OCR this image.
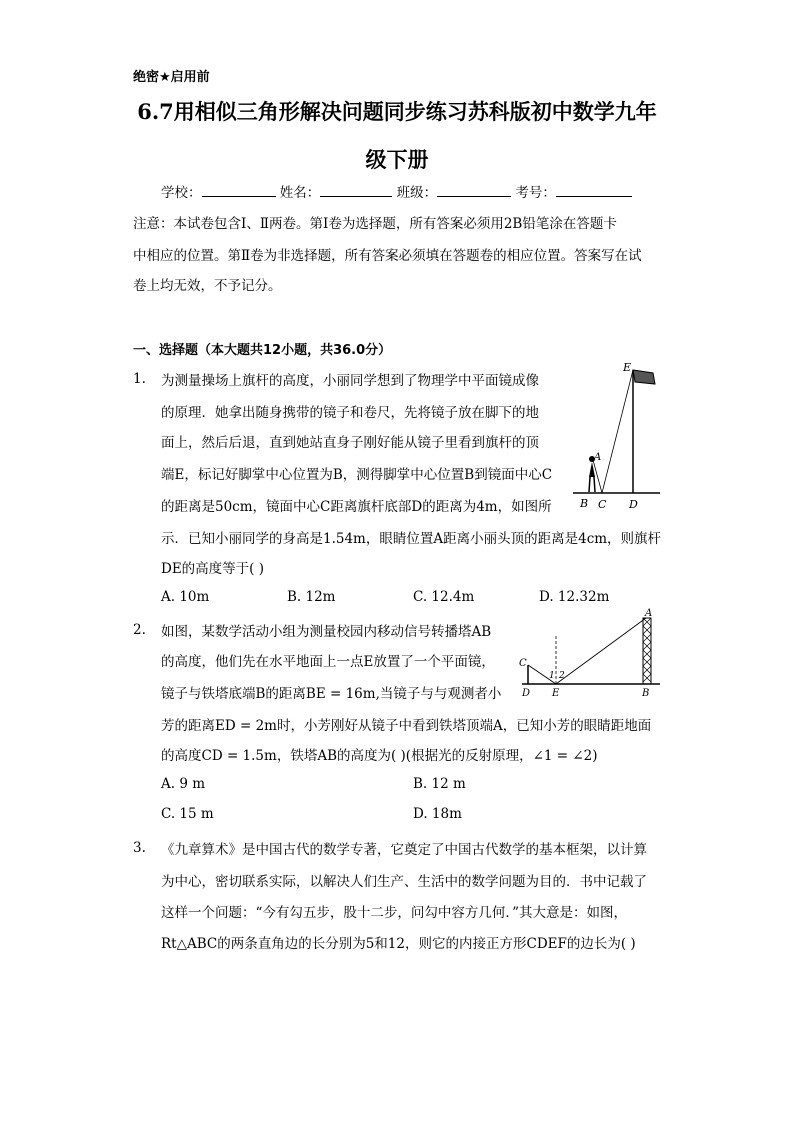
绝密★启用前
6.7用相似三角形解决问题同步练习苏科版初中数学九年
级下册
学校：	姓名：	班级：	考号：
注意：本试卷包含Ⅰ、Ⅱ两卷。第Ⅰ卷为选择题，所有答案必须用2B铅笔涂在答题卡
中相应的位置。第Ⅱ卷为非选择题，所有答案必须填在答题卷的相应位置。答案写在试
卷上均无效，不予记分。
一、选择题（本大题共12小题，共36.0分）
1. 为测量操场上旗杆的高度，小丽同学想到了物理学中平面镜成像
的原理．她拿出随身携带的镜子和卷尺，先将镜子放在脚下的地
面上，然后后退，直到她站直身子刚好能从镜子里看到旗杆的顶
端E，标记好脚掌中心位置为B，测得脚掌中心位置B到镜面中心C
的距离是50cm，镜面中心C距离旗杆底部D的距离为4m，如图所
示．已知小丽同学的身高是1.54m，眼睛位置A距离小丽头顶的距离是4cm，则旗杆
DE的高度等于( )
A. 10m	B. 12m	C. 12.4m	D. 12.32m
E
A
B C D
2. 如图，某数学活动小组为测量校园内移动信号转播塔AB
的高度，他们先在水平地面上一点E放置了一个平面镜，
镜子与铁塔底端B的距离BE = 16m,当镜子与与观测者小
芳的距离ED = 2m时，小芳刚好从镜子中看到铁塔顶端A，已知小芳的眼睛距地面
的高度CD = 1.5m，铁塔AB的高度为( )(根据光的反射原理，∠1 = ∠2)
A. 9 m	B. 12 m
C. 15 m	D. 18m
A
B
C
D E
1 2
3. 《九章算术》是中国古代的数学专著，它奠定了中国古代数学的基本框架，以计算
为中心，密切联系实际，以解决人们生产、生活中的数学问题为目的．书中记载了
这样一个问题：“今有勾五步，股十二步，问勾中容方几何．”其大意是：如图，
Rt△ABC的两条直角边的长分别为5和12，则它的内接正方形CDEF的边长为( )
